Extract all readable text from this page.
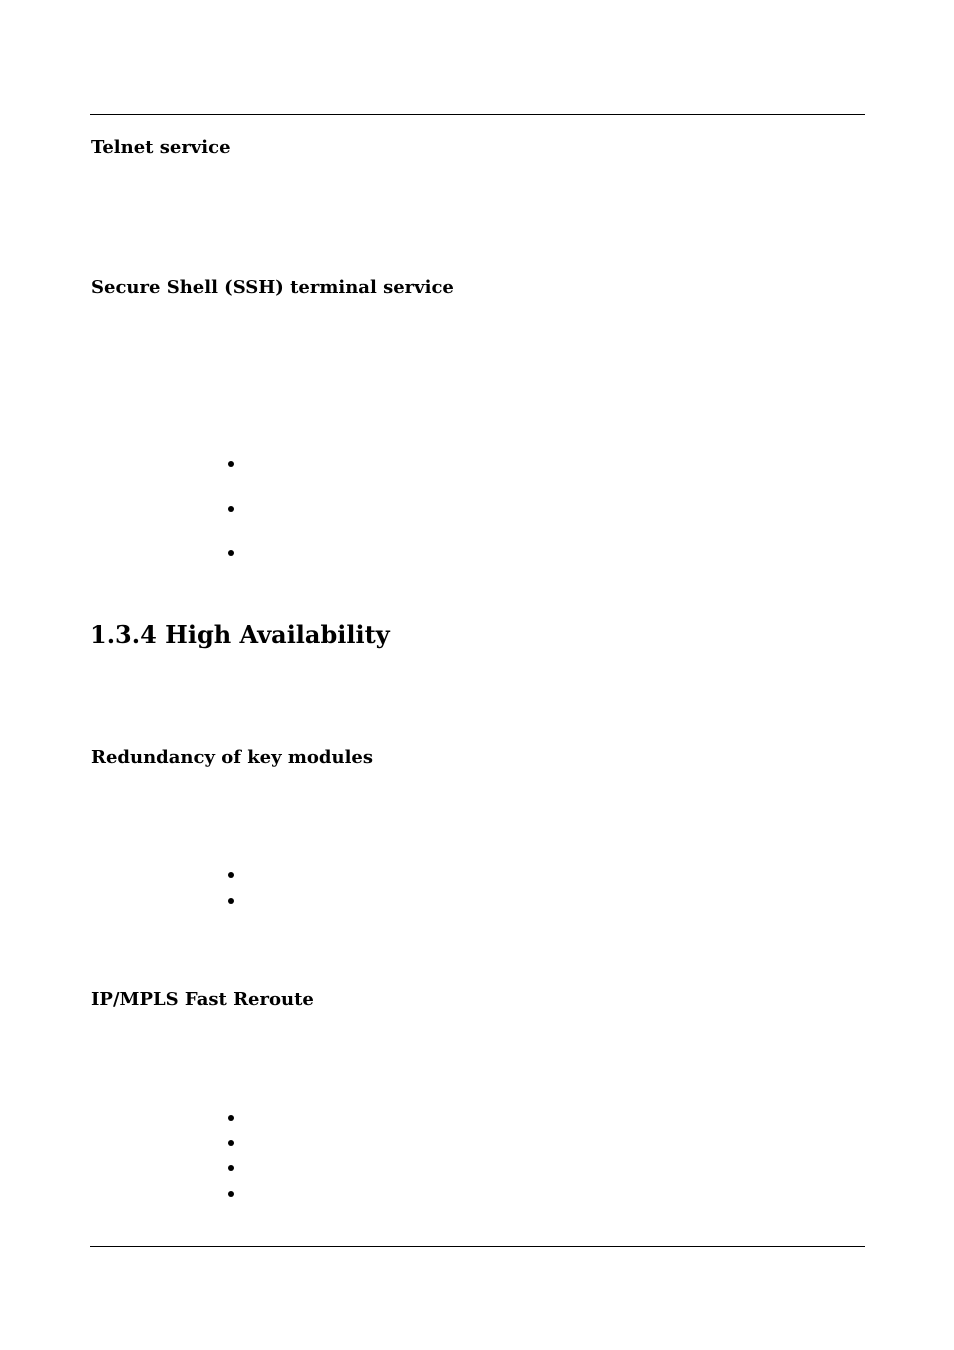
Telnet service
Secure Shell (SSH) terminal service
1.3.4 High Availability
Redundancy of key modules
IP/MPLS Fast Reroute
